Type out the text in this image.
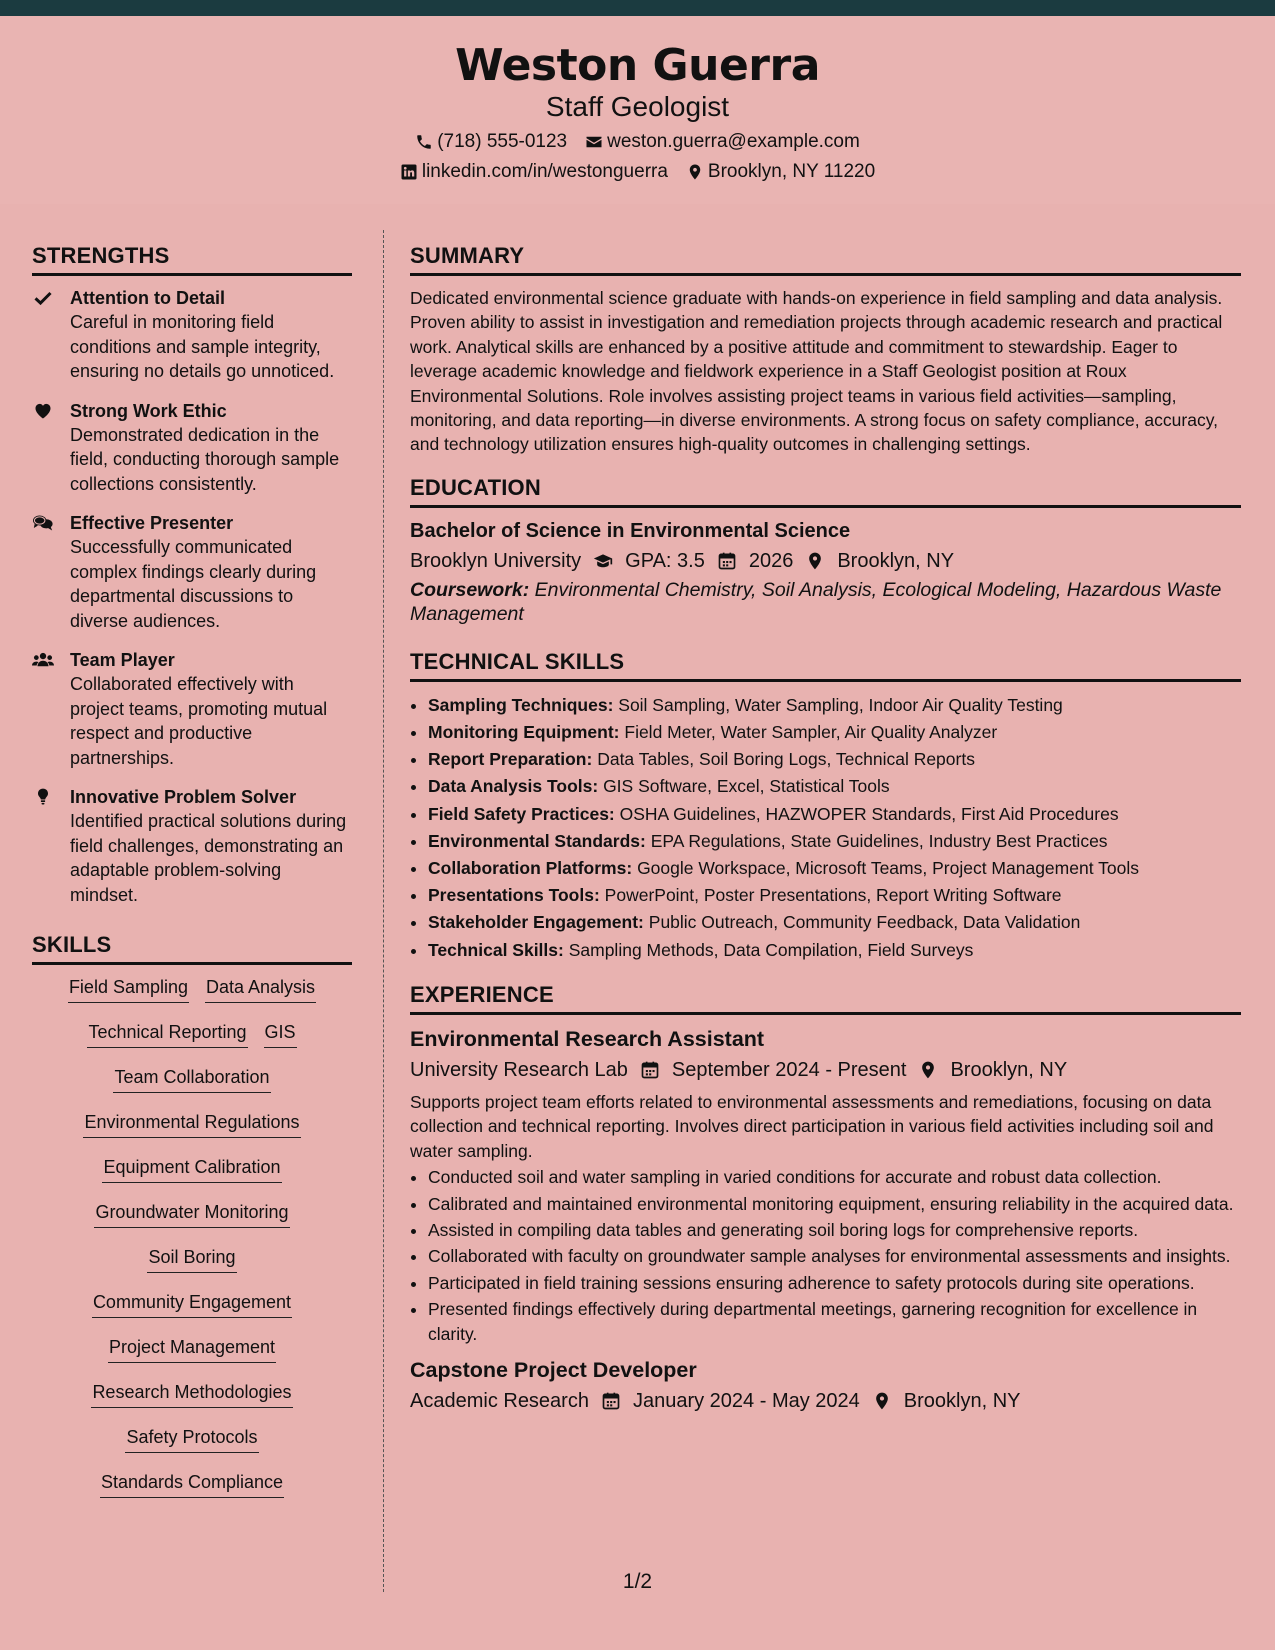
Weston Guerra
Staff Geologist
(718) 555-0123 weston.guerra@example.com
linkedin.com/in/westonguerra Brooklyn, NY 11220
STRENGTHS
Attention to Detail
Careful in monitoring field conditions and sample integrity, ensuring no details go unnoticed.
Strong Work Ethic
Demonstrated dedication in the field, conducting thorough sample collections consistently.
Effective Presenter
Successfully communicated complex findings clearly during departmental discussions to diverse audiences.
Team Player
Collaborated effectively with project teams, promoting mutual respect and productive partnerships.
Innovative Problem Solver
Identified practical solutions during field challenges, demonstrating an adaptable problem-solving mindset.
SKILLS
Field Sampling Data Analysis
Technical Reporting GIS
Team Collaboration
Environmental Regulations
Equipment Calibration
Groundwater Monitoring
Soil Boring
Community Engagement
Project Management
Research Methodologies
Safety Protocols
Standards Compliance
SUMMARY
Dedicated environmental science graduate with hands-on experience in field sampling and data analysis. Proven ability to assist in investigation and remediation projects through academic research and practical work. Analytical skills are enhanced by a positive attitude and commitment to stewardship. Eager to leverage academic knowledge and fieldwork experience in a Staff Geologist position at Roux Environmental Solutions. Role involves assisting project teams in various field activities—sampling, monitoring, and data reporting—in diverse environments. A strong focus on safety compliance, accuracy, and technology utilization ensures high-quality outcomes in challenging settings.
EDUCATION
Bachelor of Science in Environmental Science
Brooklyn University GPA: 3.5 2026 Brooklyn, NY
Coursework: Environmental Chemistry, Soil Analysis, Ecological Modeling, Hazardous Waste Management
TECHNICAL SKILLS
• Sampling Techniques: Soil Sampling, Water Sampling, Indoor Air Quality Testing
• Monitoring Equipment: Field Meter, Water Sampler, Air Quality Analyzer
• Report Preparation: Data Tables, Soil Boring Logs, Technical Reports
• Data Analysis Tools: GIS Software, Excel, Statistical Tools
• Field Safety Practices: OSHA Guidelines, HAZWOPER Standards, First Aid Procedures
• Environmental Standards: EPA Regulations, State Guidelines, Industry Best Practices
• Collaboration Platforms: Google Workspace, Microsoft Teams, Project Management Tools
• Presentations Tools: PowerPoint, Poster Presentations, Report Writing Software
• Stakeholder Engagement: Public Outreach, Community Feedback, Data Validation
• Technical Skills: Sampling Methods, Data Compilation, Field Surveys
EXPERIENCE
Environmental Research Assistant
University Research Lab September 2024 - Present Brooklyn, NY
Supports project team efforts related to environmental assessments and remediations, focusing on data collection and technical reporting. Involves direct participation in various field activities including soil and water sampling.
• Conducted soil and water sampling in varied conditions for accurate and robust data collection.
• Calibrated and maintained environmental monitoring equipment, ensuring reliability in the acquired data.
• Assisted in compiling data tables and generating soil boring logs for comprehensive reports.
• Collaborated with faculty on groundwater sample analyses for environmental assessments and insights.
• Participated in field training sessions ensuring adherence to safety protocols during site operations.
• Presented findings effectively during departmental meetings, garnering recognition for excellence in clarity.
Capstone Project Developer
Academic Research January 2024 - May 2024 Brooklyn, NY
1/2
